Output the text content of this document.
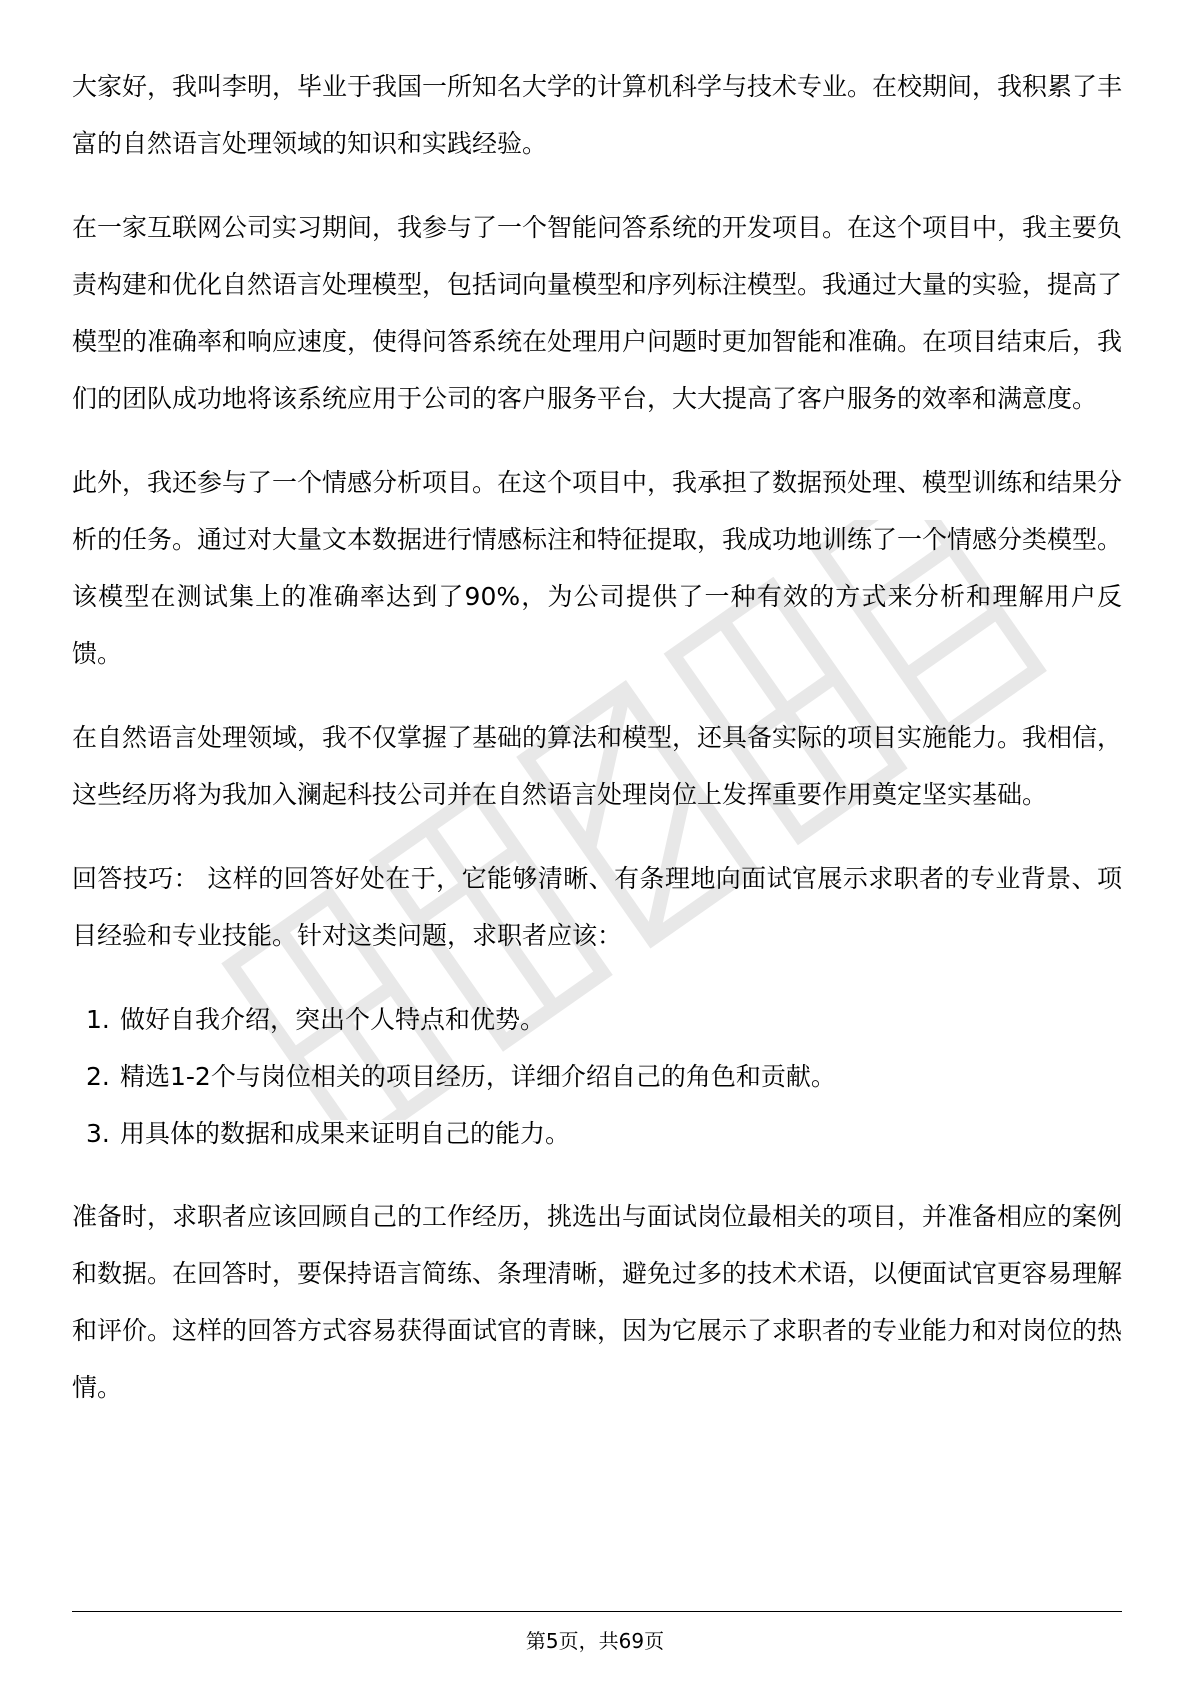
大家好，我叫李明，毕业于我国一所知名大学的计算机科学与技术专业。在校期间，我积累了丰富的自然语言处理领域的知识和实践经验。

在一家互联网公司实习期间，我参与了一个智能问答系统的开发项目。在这个项目中，我主要负责构建和优化自然语言处理模型，包括词向量模型和序列标注模型。我通过大量的实验，提高了模型的准确率和响应速度，使得问答系统在处理用户问题时更加智能和准确。在项目结束后，我们的团队成功地将该系统应用于公司的客户服务平台，大大提高了客户服务的效率和满意度。

此外，我还参与了一个情感分析项目。在这个项目中，我承担了数据预处理、模型训练和结果分析的任务。通过对大量文本数据进行情感标注和特征提取，我成功地训练了一个情感分类模型。该模型在测试集上的准确率达到了90%，为公司提供了一种有效的方式来分析和理解用户反馈。

在自然语言处理领域，我不仅掌握了基础的算法和模型，还具备实际的项目实施能力。我相信，这些经历将为我加入澜起科技公司并在自然语言处理岗位上发挥重要作用奠定坚实基础。

回答技巧： 这样的回答好处在于，它能够清晰、有条理地向面试官展示求职者的专业背景、项目经验和专业技能。针对这类问题，求职者应该：

1. 做好自我介绍，突出个人特点和优势。
2. 精选1-2个与岗位相关的项目经历，详细介绍自己的角色和贡献。
3. 用具体的数据和成果来证明自己的能力。

准备时，求职者应该回顾自己的工作经历，挑选出与面试岗位最相关的项目，并准备相应的案例和数据。在回答时，要保持语言简练、条理清晰，避免过多的技术术语，以便面试官更容易理解和评价。这样的回答方式容易获得面试官的青睐，因为它展示了求职者的专业能力和对岗位的热情。

第5页，共69页
